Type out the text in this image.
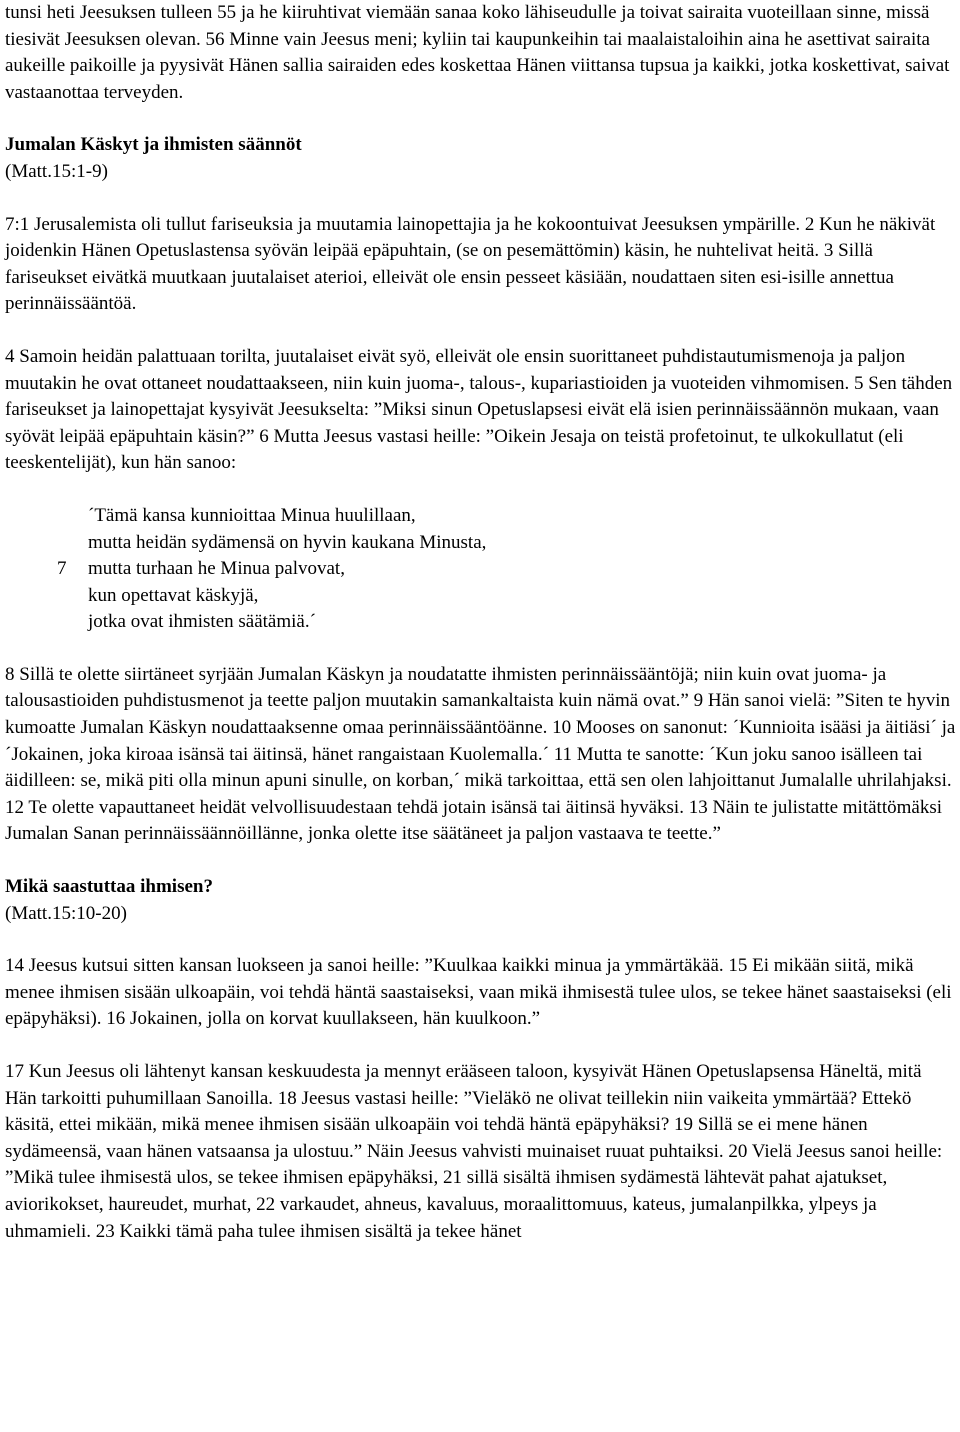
tunsi heti Jeesuksen tulleen 55 ja he kiiruhtivat viemään sanaa koko lähiseudulle ja toivat sairaita vuoteillaan sinne, missä tiesivät Jeesuksen olevan. 56 Minne vain Jeesus meni; kyliin tai kaupunkeihin tai maalaistaloihin aina he asettivat sairaita aukeille paikoille ja pyysivät Hänen sallia sairaiden edes koskettaa Hänen viittansa tupsua ja kaikki, jotka koskettivat, saivat vastaanottaa terveyden.

Jumalan Käskyt ja ihmisten säännöt

(Matt.15:1-9)

7:1 Jerusalemista oli tullut fariseuksia ja muutamia lainopettajia ja he kokoontuivat Jeesuksen ympärille. 2 Kun he näkivät joidenkin Hänen Opetuslastensa syövän leipää epäpuhtain, (se on pesemättömin) käsin, he nuhtelivat heitä. 3 Sillä fariseukset eivätkä muutkaan juutalaiset aterioi, elleivät ole ensin pesseet käsiään, noudattaen siten esi-isille annettua perinnäissääntöä.

4 Samoin heidän palattuaan torilta, juutalaiset eivät syö, elleivät ole ensin suorittaneet puhdistautumismenoja ja paljon muutakin he ovat ottaneet noudattaakseen, niin kuin juoma-, talous-, kupariastioiden ja vuoteiden vihmomisen. 5 Sen tähden fariseukset ja lainopettajat kysyivät Jeesukselta: ”Miksi sinun Opetuslapsesi eivät elä isien perinnäissäännön mukaan, vaan syövät leipää epäpuhtain käsin?” 6 Mutta Jeesus vastasi heille: ”Oikein Jesaja on teistä profetoinut, te ulkokullatut (eli teeskentelijät), kun hän sanoo:

´Tämä kansa kunnioittaa Minua huulillaan,

mutta heidän sydämensä on hyvin kaukana Minusta,

7	mutta turhaan he Minua palvovat,

kun opettavat käskyjä,

jotka ovat ihmisten säätämiä.´

8 Sillä te olette siirtäneet syrjään Jumalan Käskyn ja noudatatte ihmisten perinnäissääntöjä; niin kuin ovat juoma- ja talousastioiden puhdistusmenot ja teette paljon muutakin samankaltaista kuin nämä ovat.” 9 Hän sanoi vielä: ”Siten te hyvin kumoatte Jumalan Käskyn noudattaaksenne omaa perinnäissääntöänne. 10 Mooses on sanonut: ´Kunnioita isääsi ja äitiäsi´ ja ´Jokainen, joka kiroaa isänsä tai äitinsä, hänet rangaistaan Kuolemalla.´ 11 Mutta te sanotte: ´Kun joku sanoo isälleen tai äidilleen: se, mikä piti olla minun apuni sinulle, on korban,´ mikä tarkoittaa, että sen olen lahjoittanut Jumalalle uhrilahjaksi. 12 Te olette vapauttaneet heidät velvollisuudestaan tehdä jotain isänsä tai äitinsä hyväksi. 13 Näin te julistatte mitättömäksi Jumalan Sanan perinnäissäännöillänne, jonka olette itse säätäneet ja paljon vastaava te teette.”

Mikä saastuttaa ihmisen?

(Matt.15:10-20)

14 Jeesus kutsui sitten kansan luokseen ja sanoi heille: ”Kuulkaa kaikki minua ja ymmärtäkää. 15 Ei mikään siitä, mikä menee ihmisen sisään ulkoapäin, voi tehdä häntä saastaiseksi, vaan mikä ihmisestä tulee ulos, se tekee hänet saastaiseksi (eli epäpyhäksi). 16 Jokainen, jolla on korvat kuullakseen, hän kuulkoon.”

17 Kun Jeesus oli lähtenyt kansan keskuudesta ja mennyt erääseen taloon, kysyivät Hänen Opetuslapsensa Häneltä, mitä Hän tarkoitti puhumillaan Sanoilla. 18 Jeesus vastasi heille: ”Vieläkö ne olivat teillekin niin vaikeita ymmärtää? Ettekö käsitä, ettei mikään, mikä menee ihmisen sisään ulkoapäin voi tehdä häntä epäpyhäksi? 19 Sillä se ei mene hänen sydämeensä, vaan hänen vatsaansa ja ulostuu.” Näin Jeesus vahvisti muinaiset ruuat puhtaiksi. 20 Vielä Jeesus sanoi heille: ”Mikä tulee ihmisestä ulos, se tekee ihmisen epäpyhäksi, 21 sillä sisältä ihmisen sydämestä lähtevät pahat ajatukset, aviorikokset, haureudet, murhat, 22 varkaudet, ahneus, kavaluus, moraalittomuus, kateus, jumalanpilkka, ylpeys ja uhmamieli. 23 Kaikki tämä paha tulee ihmisen sisältä ja tekee hänet
